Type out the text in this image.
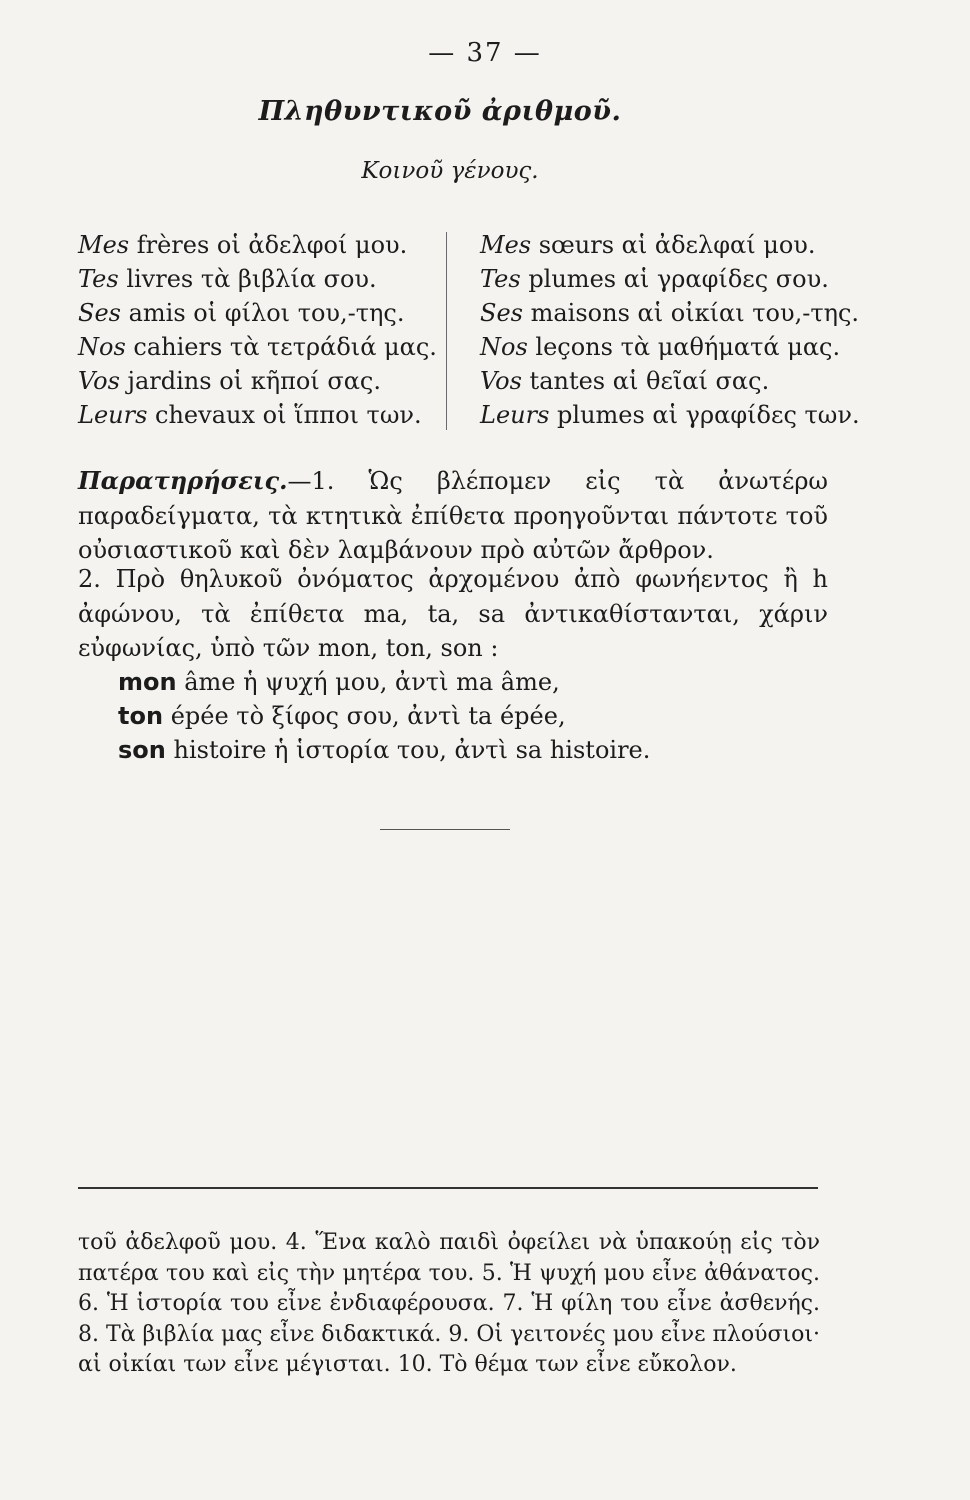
— 37 —
Πληθυντικοῦ ἀριθμοῦ.
Κοινοῦ γένους.
Mes frères οἱ ἀδελφοί μου.
Tes livres τὰ βιβλία σου.
Ses amis οἱ φίλοι του,-της.
Nos cahiers τὰ τετράδιά μας.
Vos jardins οἱ κῆποί σας.
Leurs chevaux οἱ ἵπποι των.
Mes sœurs αἱ ἀδελφαί μου.
Tes plumes αἱ γραφίδες σου.
Ses maisons αἱ οἰκίαι του,-της.
Nos leçons τὰ μαθήματά μας.
Vos tantes αἱ θεῖαί σας.
Leurs plumes αἱ γραφίδες των.
Παρατηρήσεις.—1. Ὡς βλέπομεν εἰς τὰ ἀνωτέρω παραδείγματα, τὰ κτητικὰ ἐπίθετα προηγοῦνται πάντοτε τοῦ οὐσιαστικοῦ καὶ δὲν λαμβάνουν πρὸ αὐτῶν ἄρθρον.
2. Πρὸ θηλυκοῦ ὀνόματος ἀρχομένου ἀπὸ φωνήεντος ἢ h ἀφώνου, τὰ ἐπίθετα ma, ta, sa ἀντικαθίστανται, χάριν εὐφωνίας, ὑπὸ τῶν mon, ton, son :
mon âme ἡ ψυχή μου, ἀντὶ ma âme,
ton épée τὸ ξίφος σου, ἀντὶ ta épée,
son histoire ἡ ἱστορία του, ἀντὶ sa histoire.
τοῦ ἀδελφοῦ μου. 4. Ἕνα καλὸ παιδὶ ὀφείλει νὰ ὑπακούῃ εἰς τὸν πατέρα του καὶ εἰς τὴν μητέρα του. 5. Ἡ ψυχή μου εἶνε ἀθάνατος. 6. Ἡ ἱστορία του εἶνε ἐνδιαφέρουσα. 7. Ἡ φίλη του εἶνε ἀσθενής. 8. Τὰ βιβλία μας εἶνε διδακτικά. 9. Οἱ γειτονές μου εἶνε πλούσιοι· αἱ οἰκίαι των εἶνε μέγισται. 10. Τὸ θέμα των εἶνε εὔκολον.
